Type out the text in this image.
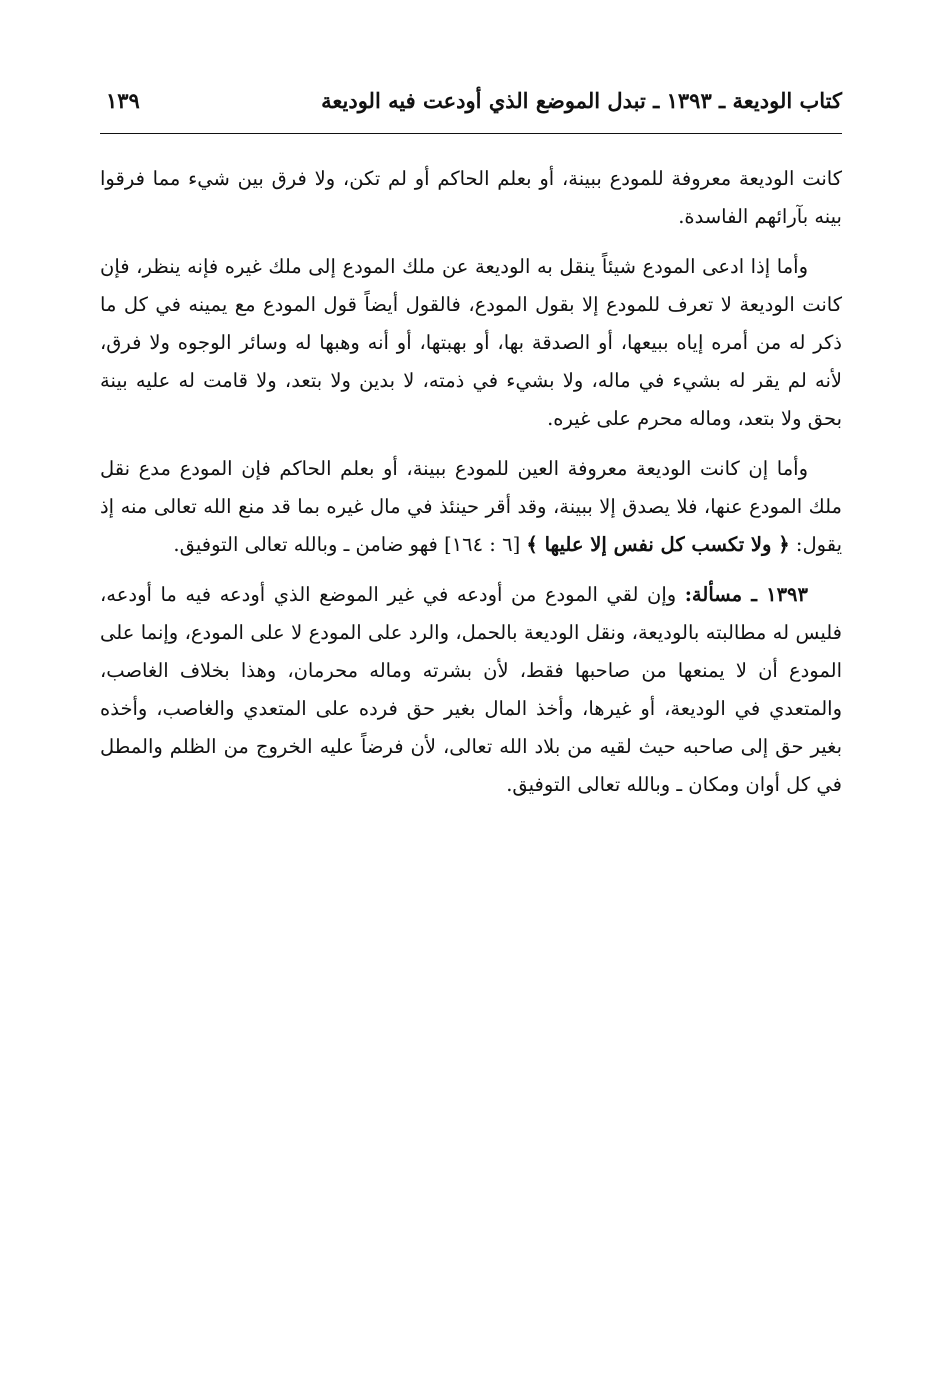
كتاب الوديعة ـ ١٣٩٣ ـ تبدل الموضع الذي أودعت فيه الوديعة
١٣٩

كانت الوديعة معروفة للمودع ببينة، أو بعلم الحاكم أو لم تكن، ولا فرق بين شيء مما فرقوا بينه بآرائهم الفاسدة.

وأما إذا ادعى المودع شيئاً ينقل به الوديعة عن ملك المودع إلى ملك غيره فإنه ينظر، فإن كانت الوديعة لا تعرف للمودع إلا بقول المودع، فالقول أيضاً قول المودع مع يمينه في كل ما ذكر له من أمره إياه ببيعها، أو الصدقة بها، أو بهبتها، أو أنه وهبها له وسائر الوجوه ولا فرق، لأنه لم يقر له بشيء في ماله، ولا بشيء في ذمته، لا بدين ولا بتعد، ولا قامت له عليه بينة بحق ولا بتعد، وماله محرم على غيره.

وأما إن كانت الوديعة معروفة العين للمودع ببينة، أو بعلم الحاكم فإن المودع مدع نقل ملك المودع عنها، فلا يصدق إلا ببينة، وقد أقر حينئذ في مال غيره بما قد منع الله تعالى منه إذ يقول: ﴿ ولا تكسب كل نفس إلا عليها ﴾ [٦ : ١٦٤] فهو ضامن ـ وبالله تعالى التوفيق.

١٣٩٣ ـ مسألة: وإن لقي المودع من أودعه في غير الموضع الذي أودعه فيه ما أودعه، فليس له مطالبته بالوديعة، ونقل الوديعة بالحمل، والرد على المودع لا على المودع، وإنما على المودع أن لا يمنعها من صاحبها فقط، لأن بشرته وماله محرمان، وهذا بخلاف الغاصب، والمتعدي في الوديعة، أو غيرها، وأخذ المال بغير حق فرده على المتعدي والغاصب، وأخذه بغير حق إلى صاحبه حيث لقيه من بلاد الله تعالى، لأن فرضاً عليه الخروج من الظلم والمطل في كل أوان ومكان ـ وبالله تعالى التوفيق.
